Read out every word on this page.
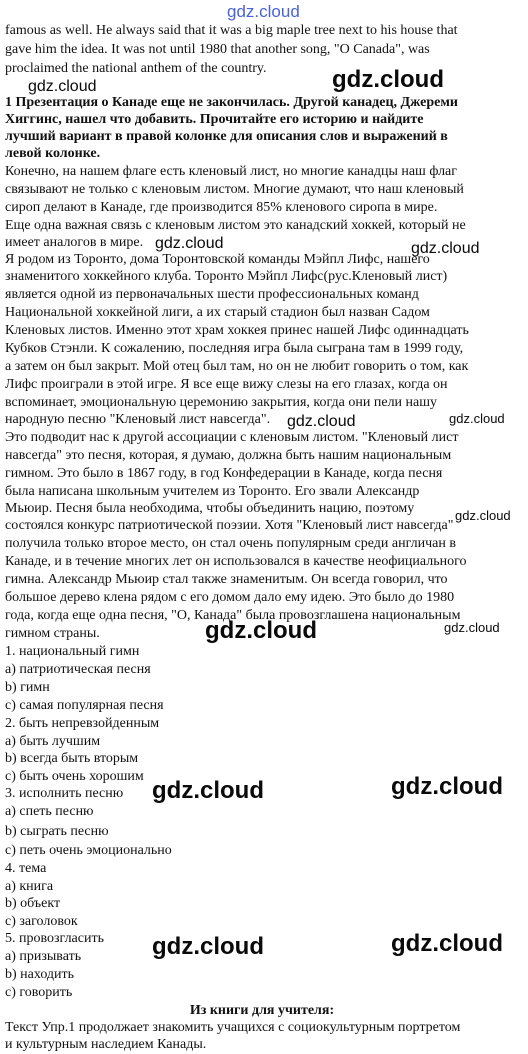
famous as well. He always said that it was a big maple tree next to his house that
gave him the idea. It was not until 1980 that another song, "O Canada", was
proclaimed the national anthem of the country.
1 Презентация о Канаде еще не закончилась. Другой канадец, Джереми
Хиггинс, нашел что добавить. Прочитайте его историю и найдите
лучший вариант в правой колонке для описания слов и выражений в
левой колонке.
Конечно, на нашем флаге есть кленовый лист, но многие канадцы наш флаг
связывают не только с кленовым листом. Многие думают, что наш кленовый
сироп делают в Канаде, где производится 85% кленового сиропа в мире.
Еще одна важная связь с кленовым листом это канадский хоккей, который не
имеет аналогов в мире.
Я родом из Торонто, дома Торонтовской команды Мэйпл Лифс, нашего
знаменитого хоккейного клуба. Торонто Мэйпл Лифс(рус.Кленовый лист)
является одной из первоначальных шести профессиональных команд
Национальной хоккейной лиги, а их старый стадион был назван Садом
Кленовых листов. Именно этот храм хоккея принес нашей Лифс одиннадцать
Кубков Стэнли. К сожалению, последняя игра была сыграна там в 1999 году,
а затем он был закрыт. Мой отец был там, но он не любит говорить о том, как
Лифс проиграли в этой игре. Я все еще вижу слезы на его глазах, когда он
вспоминает, эмоциональную церемонию закрытия, когда они пели нашу
народную песню "Кленовый лист навсегда".
Это подводит нас к другой ассоциации с кленовым листом. "Кленовый лист
навсегда" это песня, которая, я думаю, должна быть нашим национальным
гимном. Это было в 1867 году, в год Конфедерации в Канаде, когда песня
была написана школьным учителем из Торонто. Его звали Александр
Мьюир. Песня была необходима, чтобы объединить нацию, поэтому
состоялся конкурс патриотической поэзии. Хотя "Кленовый лист навсегда"
получила только второе место, он стал очень популярным среди англичан в
Канаде, и в течение многих лет он использовался в качестве неофициального
гимна. Александр Мьюир стал также знаменитым. Он всегда говорил, что
большое дерево клена рядом с его домом дало ему идею. Это было до 1980
года, когда еще одна песня, "О, Канада" была провозглашена национальным
гимном страны.
1. национальный гимн
a) патриотическая песня
b) гимн
c) самая популярная песня
2. быть непревзойденным
a) быть лучшим
b) всегда быть вторым
c) быть очень хорошим
3. исполнить песню
a) спеть песню
b) сыграть песню
c) петь очень эмоционально
4. тема
a) книга
b) объект
c) заголовок
5. провозгласить
a) призывать
b) находить
c) говорить
Из книги для учителя:
Текст Упр.1 продолжает знакомить учащихся с социокультурным портретом
и культурным наследием Канады.
gdz.cloud
gdz.cloud	gdz.cloud
gdz.cloud	gdz.cloud
gdz.cloud	gdz.cloud
gdz.cloud
gdz.cloud	gdz.cloud
gdz.cloud	gdz.cloud
gdz.cloud	gdz.cloud
